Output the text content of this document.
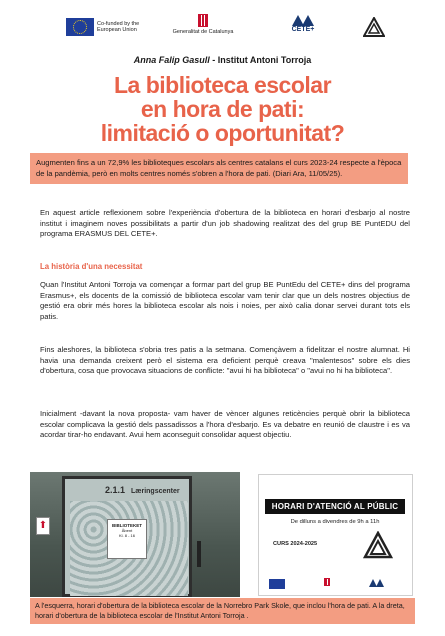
Co-funded by the European Union	Generalitat de Catalunya	CETE+
Anna Falip Gasull - Institut Antoni Torroja
La biblioteca escolar
en hora de pati:
limitació o oportunitat?
Augmenten fins a un 72,9% les biblioteques escolars als centres catalans el curs 2023-24 respecte a l'època de la pandèmia, però en molts centres només s'obren a l'hora de pati. (Diari Ara, 11/05/25).
En aquest article reflexionem sobre l'experiència d'obertura de la biblioteca en horari d'esbarjo al nostre institut i imaginem noves possibilitats a partir d'un job shadowing realitzat des del grup BE PuntEDU del programa ERASMUS DEL CETE+.
La història d'una necessitat
Quan l'Institut Antoni Torroja va començar a formar part del grup BE PuntEdu del CETE+ dins del programa Erasmus+, els docents de la comissió de biblioteca escolar vam tenir clar que un dels nostres objectius de gestió era obrir més hores la biblioteca escolar als nois i noies, per això calia donar servei durant tots els patis.
Fins aleshores, la biblioteca s'obria tres patis a la setmana. Començàvem a fidelitzar el nostre alumnat. Hi havia una demanda creixent però el sistema era deficient perquè creava "malentesos" sobre els dies d'obertura, cosa que provocava situacions de conflicte: "avui hi ha biblioteca" o "avui no hi ha biblioteca".
Inicialment -davant la nova proposta- vam haver de vèncer algunes reticències perquè obrir la biblioteca escolar complicava la gestió dels passadissos a l'hora d'esbarjo. Es va debatre en reunió de claustre i es va acordar tirar-ho endavant. Avui hem aconseguit consolidar aquest objectiu.
2.1.1 Læringscenter
BIBLIOTEKET
Åbent
Kl. 8 - 16
⬆
HORARI D'ATENCIÓ AL PÚBLIC
De dilluns a divendres de 9h a 11h
CURS 2024-2025
A l'esquerra, horari d'obertura de la biblioteca escolar de la Norrebro Park Skole, que inclou l'hora de pati. A la dreta, horari d'obertura de la biblioteca escolar de l'Institut Antoni Torroja .
